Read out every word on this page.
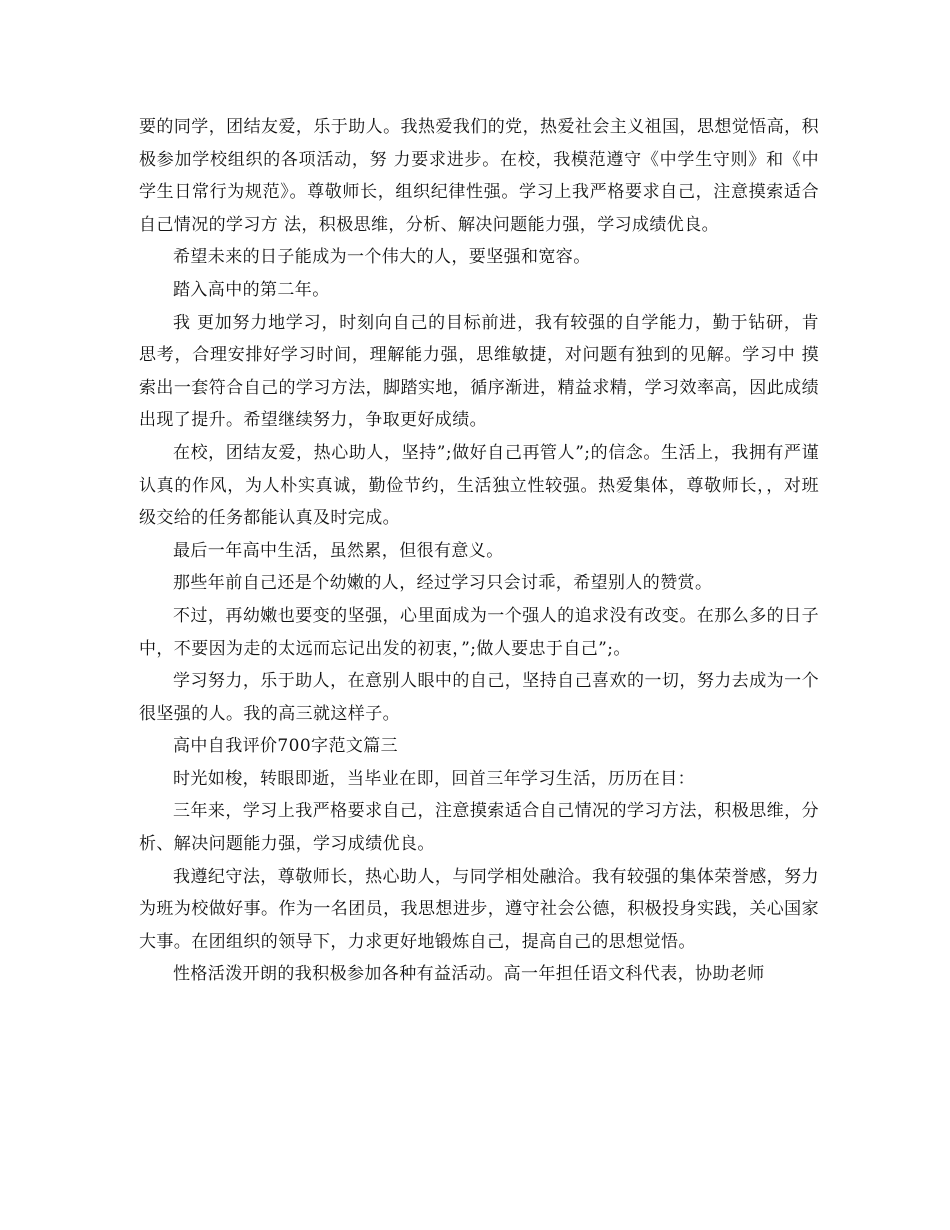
要的同学，团结友爱，乐于助人。我热爱我们的党，热爱社会主义祖国，思想觉悟高，积极参加学校组织的各项活动，努 力要求进步。在校，我模范遵守《中学生守则》和《中学生日常行为规范》。尊敬师长，组织纪律性强。学习上我严格要求自己，注意摸索适合自己情况的学习方 法，积极思维，分析、解决问题能力强，学习成绩优良。

希望未来的日子能成为一个伟大的人，要坚强和宽容。

踏入高中的第二年。

我 更加努力地学习，时刻向自己的目标前进，我有较强的自学能力，勤于钻研，肯思考，合理安排好学习时间，理解能力强，思维敏捷，对问题有独到的见解。学习中 摸索出一套符合自己的学习方法，脚踏实地，循序渐进，精益求精，学习效率高，因此成绩出现了提升。希望继续努力，争取更好成绩。

在校，团结友爱，热心助人，坚持”;做好自己再管人”;的信念。生活上，我拥有严谨认真的作风，为人朴实真诚，勤俭节约，生活独立性较强。热爱集体，尊敬师长，，对班级交给的任务都能认真及时完成。

最后一年高中生活，虽然累，但很有意义。

那些年前自己还是个幼嫩的人，经过学习只会讨乖，希望别人的赞赏。

不过，再幼嫩也要变的坚强，心里面成为一个强人的追求没有改变。在那么多的日子中，不要因为走的太远而忘记出发的初衷，”;做人要忠于自己”;。

学习努力，乐于助人，在意别人眼中的自己，坚持自己喜欢的一切，努力去成为一个很坚强的人。我的高三就这样子。

高中自我评价700字范文篇三

时光如梭，转眼即逝，当毕业在即，回首三年学习生活，历历在目：

三年来，学习上我严格要求自己，注意摸索适合自己情况的学习方法，积极思维，分析、解决问题能力强，学习成绩优良。

我遵纪守法，尊敬师长，热心助人，与同学相处融洽。我有较强的集体荣誉感，努力为班为校做好事。作为一名团员，我思想进步，遵守社会公德，积极投身实践，关心国家大事。在团组织的领导下，力求更好地锻炼自己，提高自己的思想觉悟。

性格活泼开朗的我积极参加各种有益活动。高一年担任语文科代表，协助老师
